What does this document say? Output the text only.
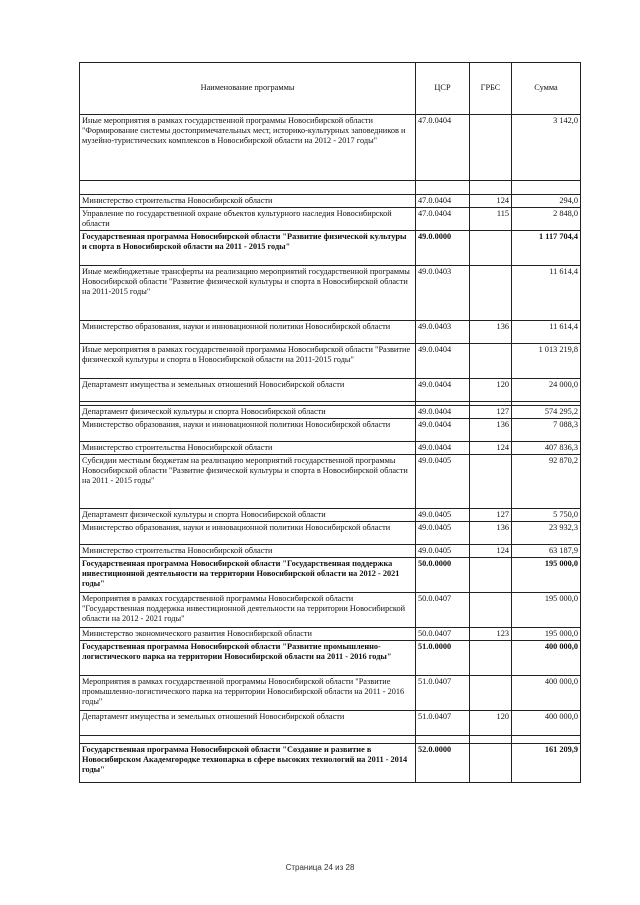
Наименование программы	ЦСР	ГРБС	Сумма
Иные мероприятия в рамках государственной программы Новосибирской области "Формирование системы достопримечательных мест, историко-культурных заповедников и музейно-туристических комплексов в Новосибирской области на 2012 - 2017 годы"	47.0.0404		3 142,0

Министерство строительства Новосибирской области	47.0.0404	124	294,0
Управление по государственной охране объектов культурного наследия Новосибирской области	47.0.0404	115	2 848,0
Государственная программа Новосибирской области "Развитие физической культуры и спорта в Новосибирской области на 2011 - 2015 годы"	49.0.0000		1 117 704,4
Иные межбюджетные трансферты на реализацию мероприятий государственной программы Новосибирской области "Развитие физической культуры и спорта в Новосибирской области на 2011-2015 годы"	49.0.0403		11 614,4
Министерство образования, науки и инновационной политики Новосибирской области	49.0.0403	136	11 614,4
Иные мероприятия в рамках государственной программы Новосибирской области "Развитие физической культуры и спорта в Новосибирской области на 2011-2015 годы"	49.0.0404		1 013 219,8
Департамент имущества и земельных отношений Новосибирской области	49.0.0404	120	24 000,0

Департамент физической культуры и спорта Новосибирской области	49.0.0404	127	574 295,2
Министерство образования, науки и инновационной политики Новосибирской области	49.0.0404	136	7 088,3
Министерство строительства Новосибирской области	49.0.0404	124	407 836,3
Субсидии местным бюджетам на реализацию мероприятий государственной программы Новосибирской области "Развитие физической культуры и спорта в Новосибирской области на 2011 - 2015 годы"	49.0.0405		92 870,2
Департамент физической культуры и спорта Новосибирской области	49.0.0405	127	5 750,0
Министерство образования, науки и инновационной политики Новосибирской области	49.0.0405	136	23 932,3
Министерство строительства Новосибирской области	49.0.0405	124	63 187,9
Государственная программа Новосибирской области "Государственная поддержка инвестиционной деятельности на территории Новосибирской области на 2012 - 2021 годы"	50.0.0000		195 000,0
Мероприятия в рамках государственной программы Новосибирской области "Государственная поддержка инвестиционной деятельности на территории Новосибирской области на 2012 - 2021 годы"	50.0.0407		195 000,0
Министерство экономического развития Новосибирской области	50.0.0407	123	195 000,0
Государственная программа Новосибирской области "Развитие промышленно-логистического парка на территории Новосибирской области на 2011 - 2016 годы"	51.0.0000		400 000,0
Мероприятия в рамках государственной программы Новосибирской области "Развитие промышленно-логистического парка на территории Новосибирской области на 2011 - 2016 годы"	51.0.0407		400 000,0
Департамент имущества и земельных отношений Новосибирской области	51.0.0407	120	400 000,0

Государственная программа Новосибирской области "Создание и развитие в Новосибирском Академгородке технопарка в сфере высоких технологий на 2011 - 2014 годы"	52.0.0000		161 209,9
Страница 24 из 28
